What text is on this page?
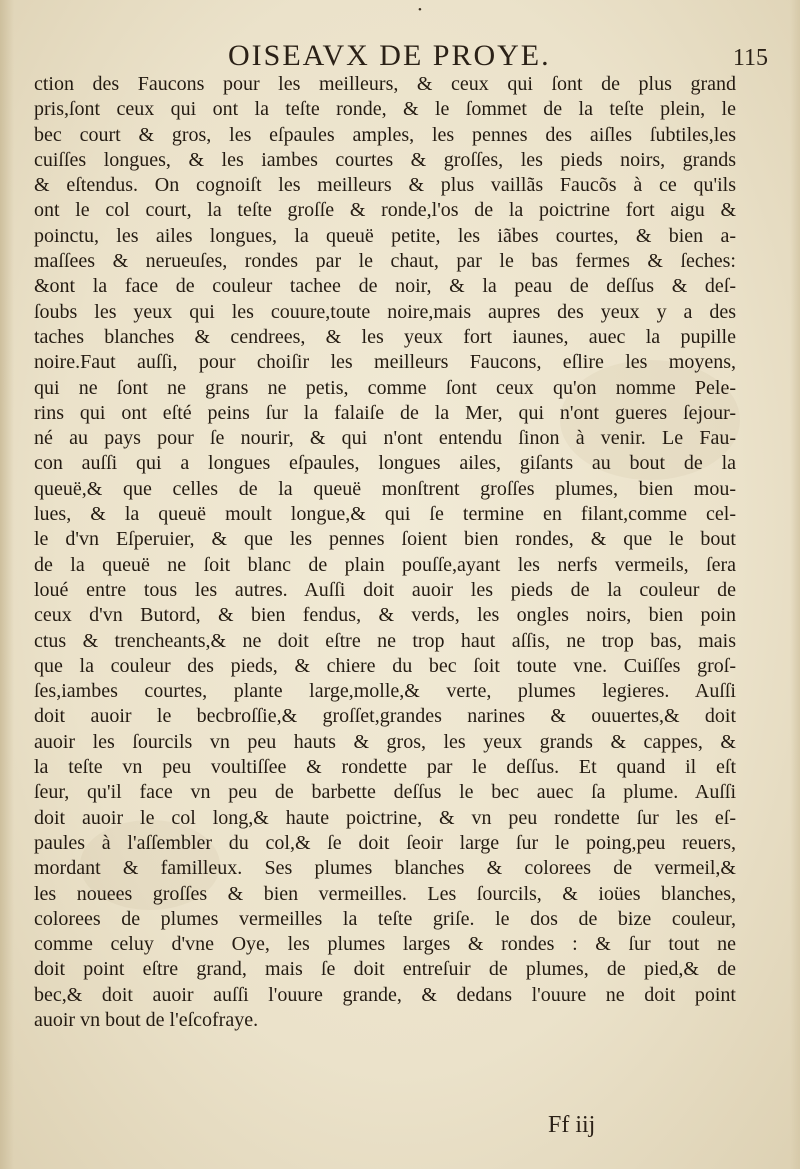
•
OISEAVX DE PROYE.	115
ction des Faucons pour les meilleurs, & ceux qui ſont de plus grand
pris,ſont ceux qui ont la teſte ronde, & le ſommet de la teſte plein, le
bec court & gros, les eſpaules amples, les pennes des aiſles ſubtiles,les
cuiſſes longues, & les iambes courtes & groſſes, les pieds noirs, grands
& eſtendus. On cognoiſt les meilleurs & plus vaillãs Faucõs à ce qu'ils
ont le col court, la teſte groſſe & ronde,l'os de la poictrine fort aigu &
poinctu, les ailes longues, la queuë petite, les iãbes courtes, & bien a-
maſſees & nerueuſes, rondes par le chaut, par le bas fermes & ſeches:
&ont la face de couleur tachee de noir, & la peau de deſſus & deſ-
ſoubs les yeux qui les couure,toute noire,mais aupres des yeux y a des
taches blanches & cendrees, & les yeux fort iaunes, auec la pupille
noire.Faut auſſi, pour choiſir les meilleurs Faucons, eſlire les moyens,
qui ne ſont ne grans ne petis, comme ſont ceux qu'on nomme Pele-
rins qui ont eſté peins ſur la falaiſe de la Mer, qui n'ont gueres ſejour-
né au pays pour ſe nourir, & qui n'ont entendu ſinon à venir. Le Fau-
con auſſi qui a longues eſpaules, longues ailes, giſants au bout de la
queuë,& que celles de la queuë monſtrent groſſes plumes, bien mou-
lues, & la queuë moult longue,& qui ſe termine en filant,comme cel-
le d'vn Eſperuier, & que les pennes ſoient bien rondes, & que le bout
de la queuë ne ſoit blanc de plain pouſſe,ayant les nerfs vermeils, ſera
loué entre tous les autres. Auſſi doit auoir les pieds de la couleur de
ceux d'vn Butord, & bien fendus, & verds, les ongles noirs, bien poin
ctus & trencheants,& ne doit eſtre ne trop haut aſſis, ne trop bas, mais
que la couleur des pieds, & chiere du bec ſoit toute vne. Cuiſſes groſ-
ſes,iambes courtes, plante large,molle,& verte, plumes legieres. Auſſi
doit auoir le becbroſſie,& groſſet,grandes narines & ouuertes,& doit
auoir les ſourcils vn peu hauts & gros, les yeux grands & cappes, &
la teſte vn peu voultiſſee & rondette par le deſſus. Et quand il eſt
ſeur, qu'il face vn peu de barbette deſſus le bec auec ſa plume. Auſſi
doit auoir le col long,& haute poictrine, & vn peu rondette ſur les eſ-
paules à l'aſſembler du col,& ſe doit ſeoir large ſur le poing,peu reuers,
mordant & familleux. Ses plumes blanches & colorees de vermeil,&
les nouees groſſes & bien vermeilles. Les ſourcils, & ioües blanches,
colorees de plumes vermeilles la teſte griſe. le dos de bize couleur,
comme celuy d'vne Oye, les plumes larges & rondes : & ſur tout ne
doit point eſtre grand, mais ſe doit entreſuir de plumes, de pied,& de
bec,& doit auoir auſſi l'ouure grande, & dedans l'ouure ne doit point
auoir vn bout de l'eſcofraye.
Ff iij
